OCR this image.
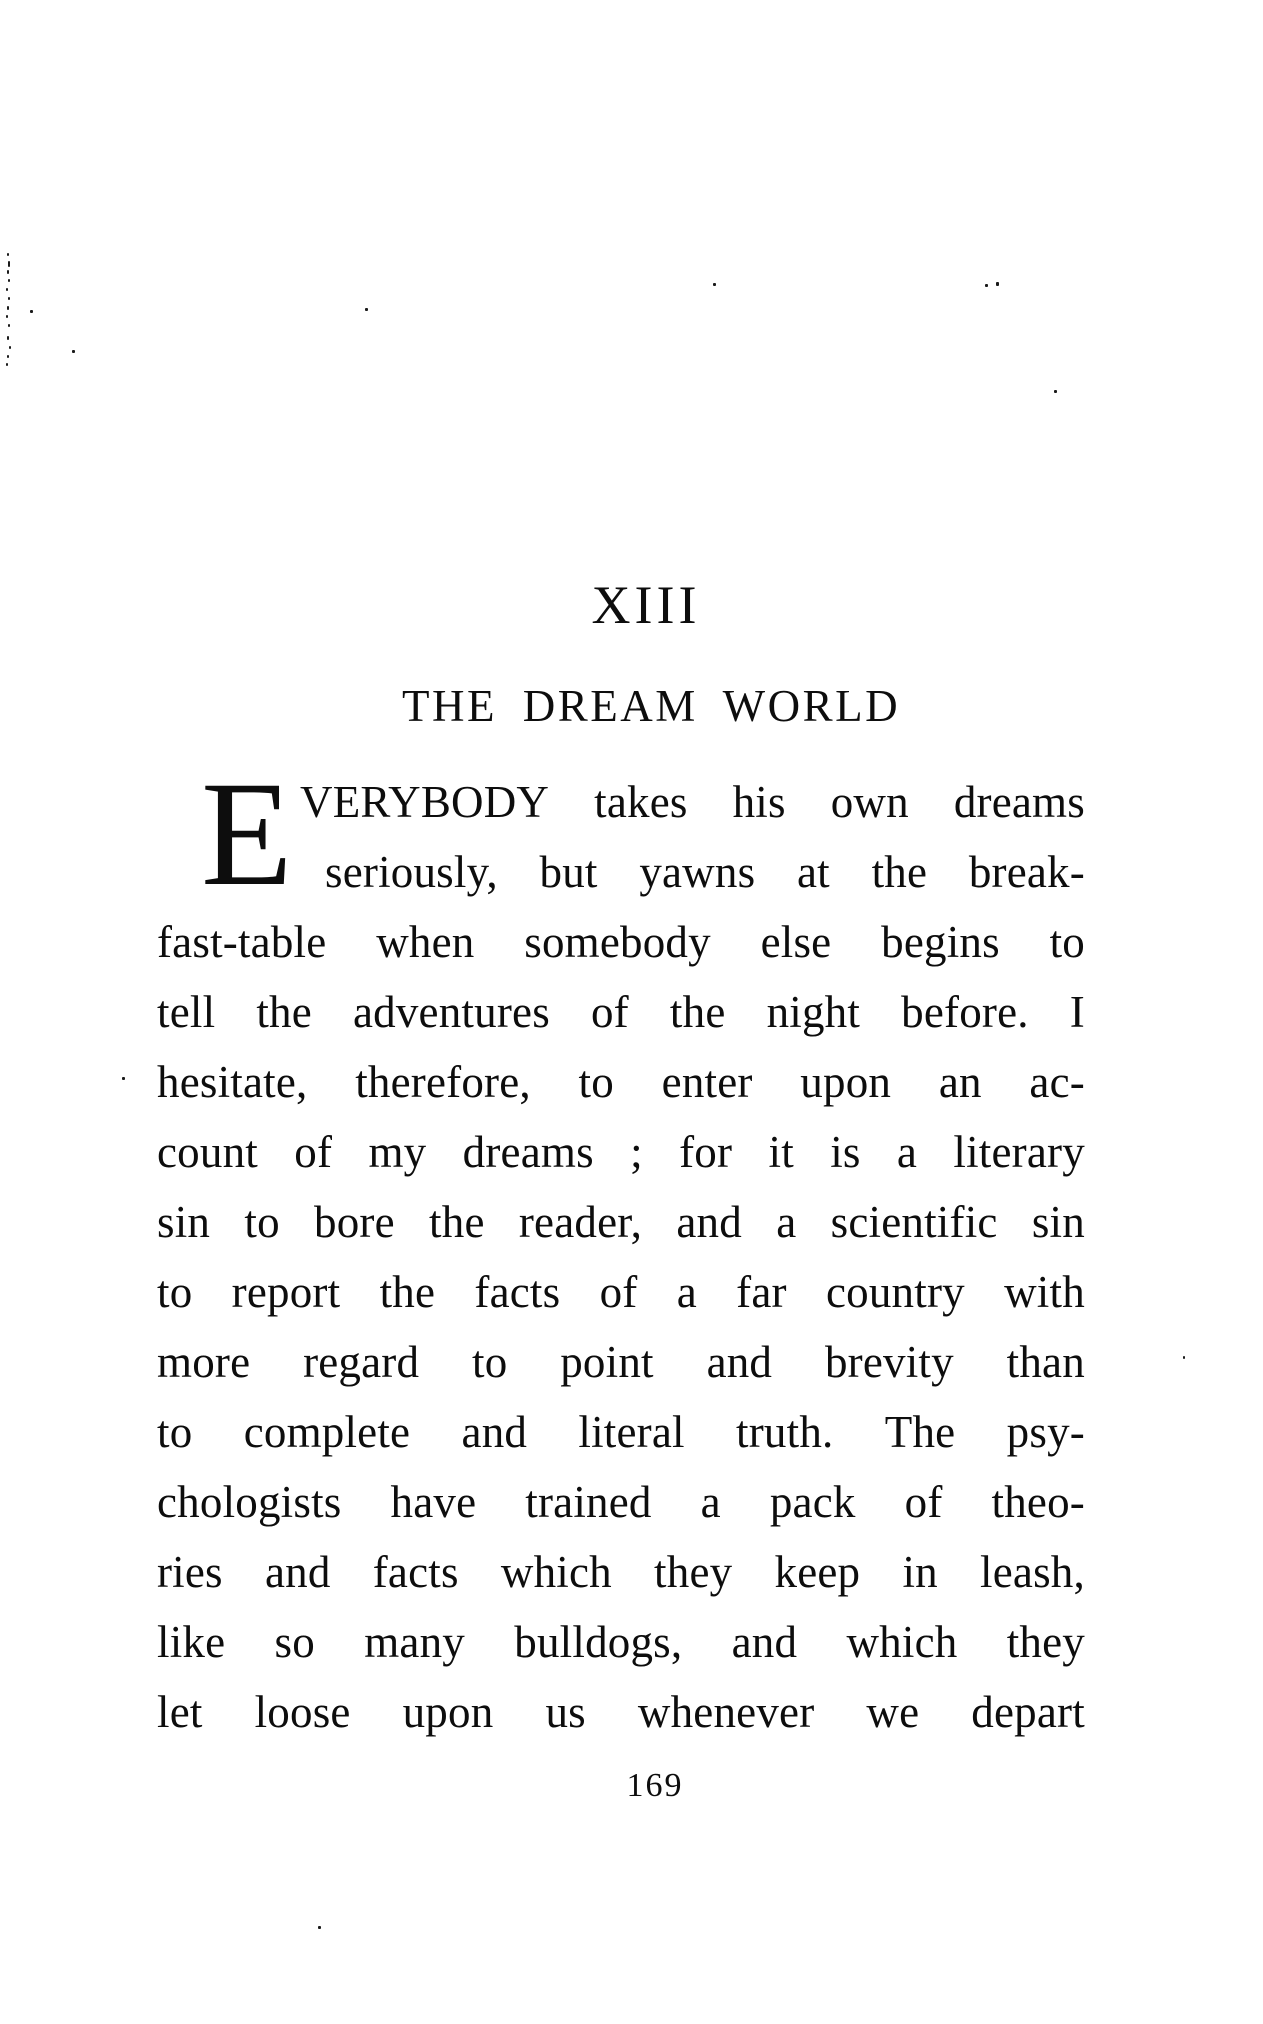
XIII
THE DREAM WORLD
E VERYBODY takes his own dreams
seriously, but yawns at the break-
fast-table when somebody else begins to
tell the adventures of the night before. I
hesitate, therefore, to enter upon an ac-
count of my dreams ; for it is a literary
sin to bore the reader, and a scientific sin
to report the facts of a far country with
more regard to point and brevity than
to complete and literal truth. The psy-
chologists have trained a pack of theo-
ries and facts which they keep in leash,
like so many bulldogs, and which they
let loose upon us whenever we depart
169
